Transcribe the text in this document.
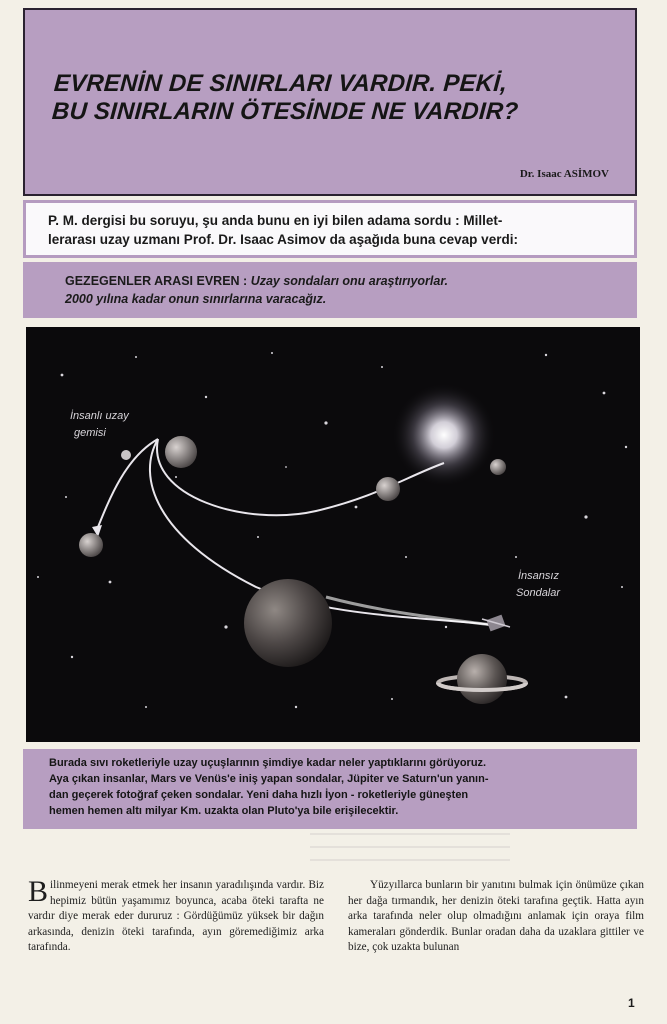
EVRENİN DE SINIRLARI VARDIR. PEKİ,
BU SINIRLARIN ÖTESİNDE NE VARDIR?
Dr. Isaac ASİMOV
P. M. dergisi bu soruyu, şu anda bunu en iyi bilen adama sordu : Millet-
lerarası uzay uzmanı Prof. Dr. Isaac Asimov da aşağıda buna cevap verdi:
GEZEGENLER ARASI EVREN : Uzay sondaları onu araştırıyorlar.
2000 yılına kadar onun sınırlarına varacağız.
İnsanlı uzay
gemisi
İnsansız
Sondalar
Burada sıvı roketleriyle uzay uçuşlarının şimdiye kadar neler yaptıklarını görüyoruz.
Aya çıkan insanlar, Mars ve Venüs'e iniş yapan sondalar, Jüpiter ve Saturn'un yanın-
dan geçerek fotoğraf çeken sondalar. Yeni daha hızlı İyon - roketleriyle güneşten
hemen hemen altı milyar Km. uzakta olan Pluto'ya bile erişilecektir.
Bilinmeyeni merak etmek her insanın yaradılışında vardır. Biz hepimiz bütün yaşamımız boyunca, acaba öteki tarafta ne vardır diye merak eder dururuz : Gördüğümüz yüksek bir dağın arkasında, denizin öteki tarafında, ayın göremediğimiz arka tarafında.
Yüzyıllarca bunların bir yanıtını bulmak için önümüze çıkan her dağa tırmandık, her denizin öteki tarafına geçtik. Hatta ayın arka tarafında neler olup olmadığını anlamak için oraya film kameraları gönderdik. Bunlar oradan daha da uzaklara gittiler ve bize, çok uzakta bulunan
1
